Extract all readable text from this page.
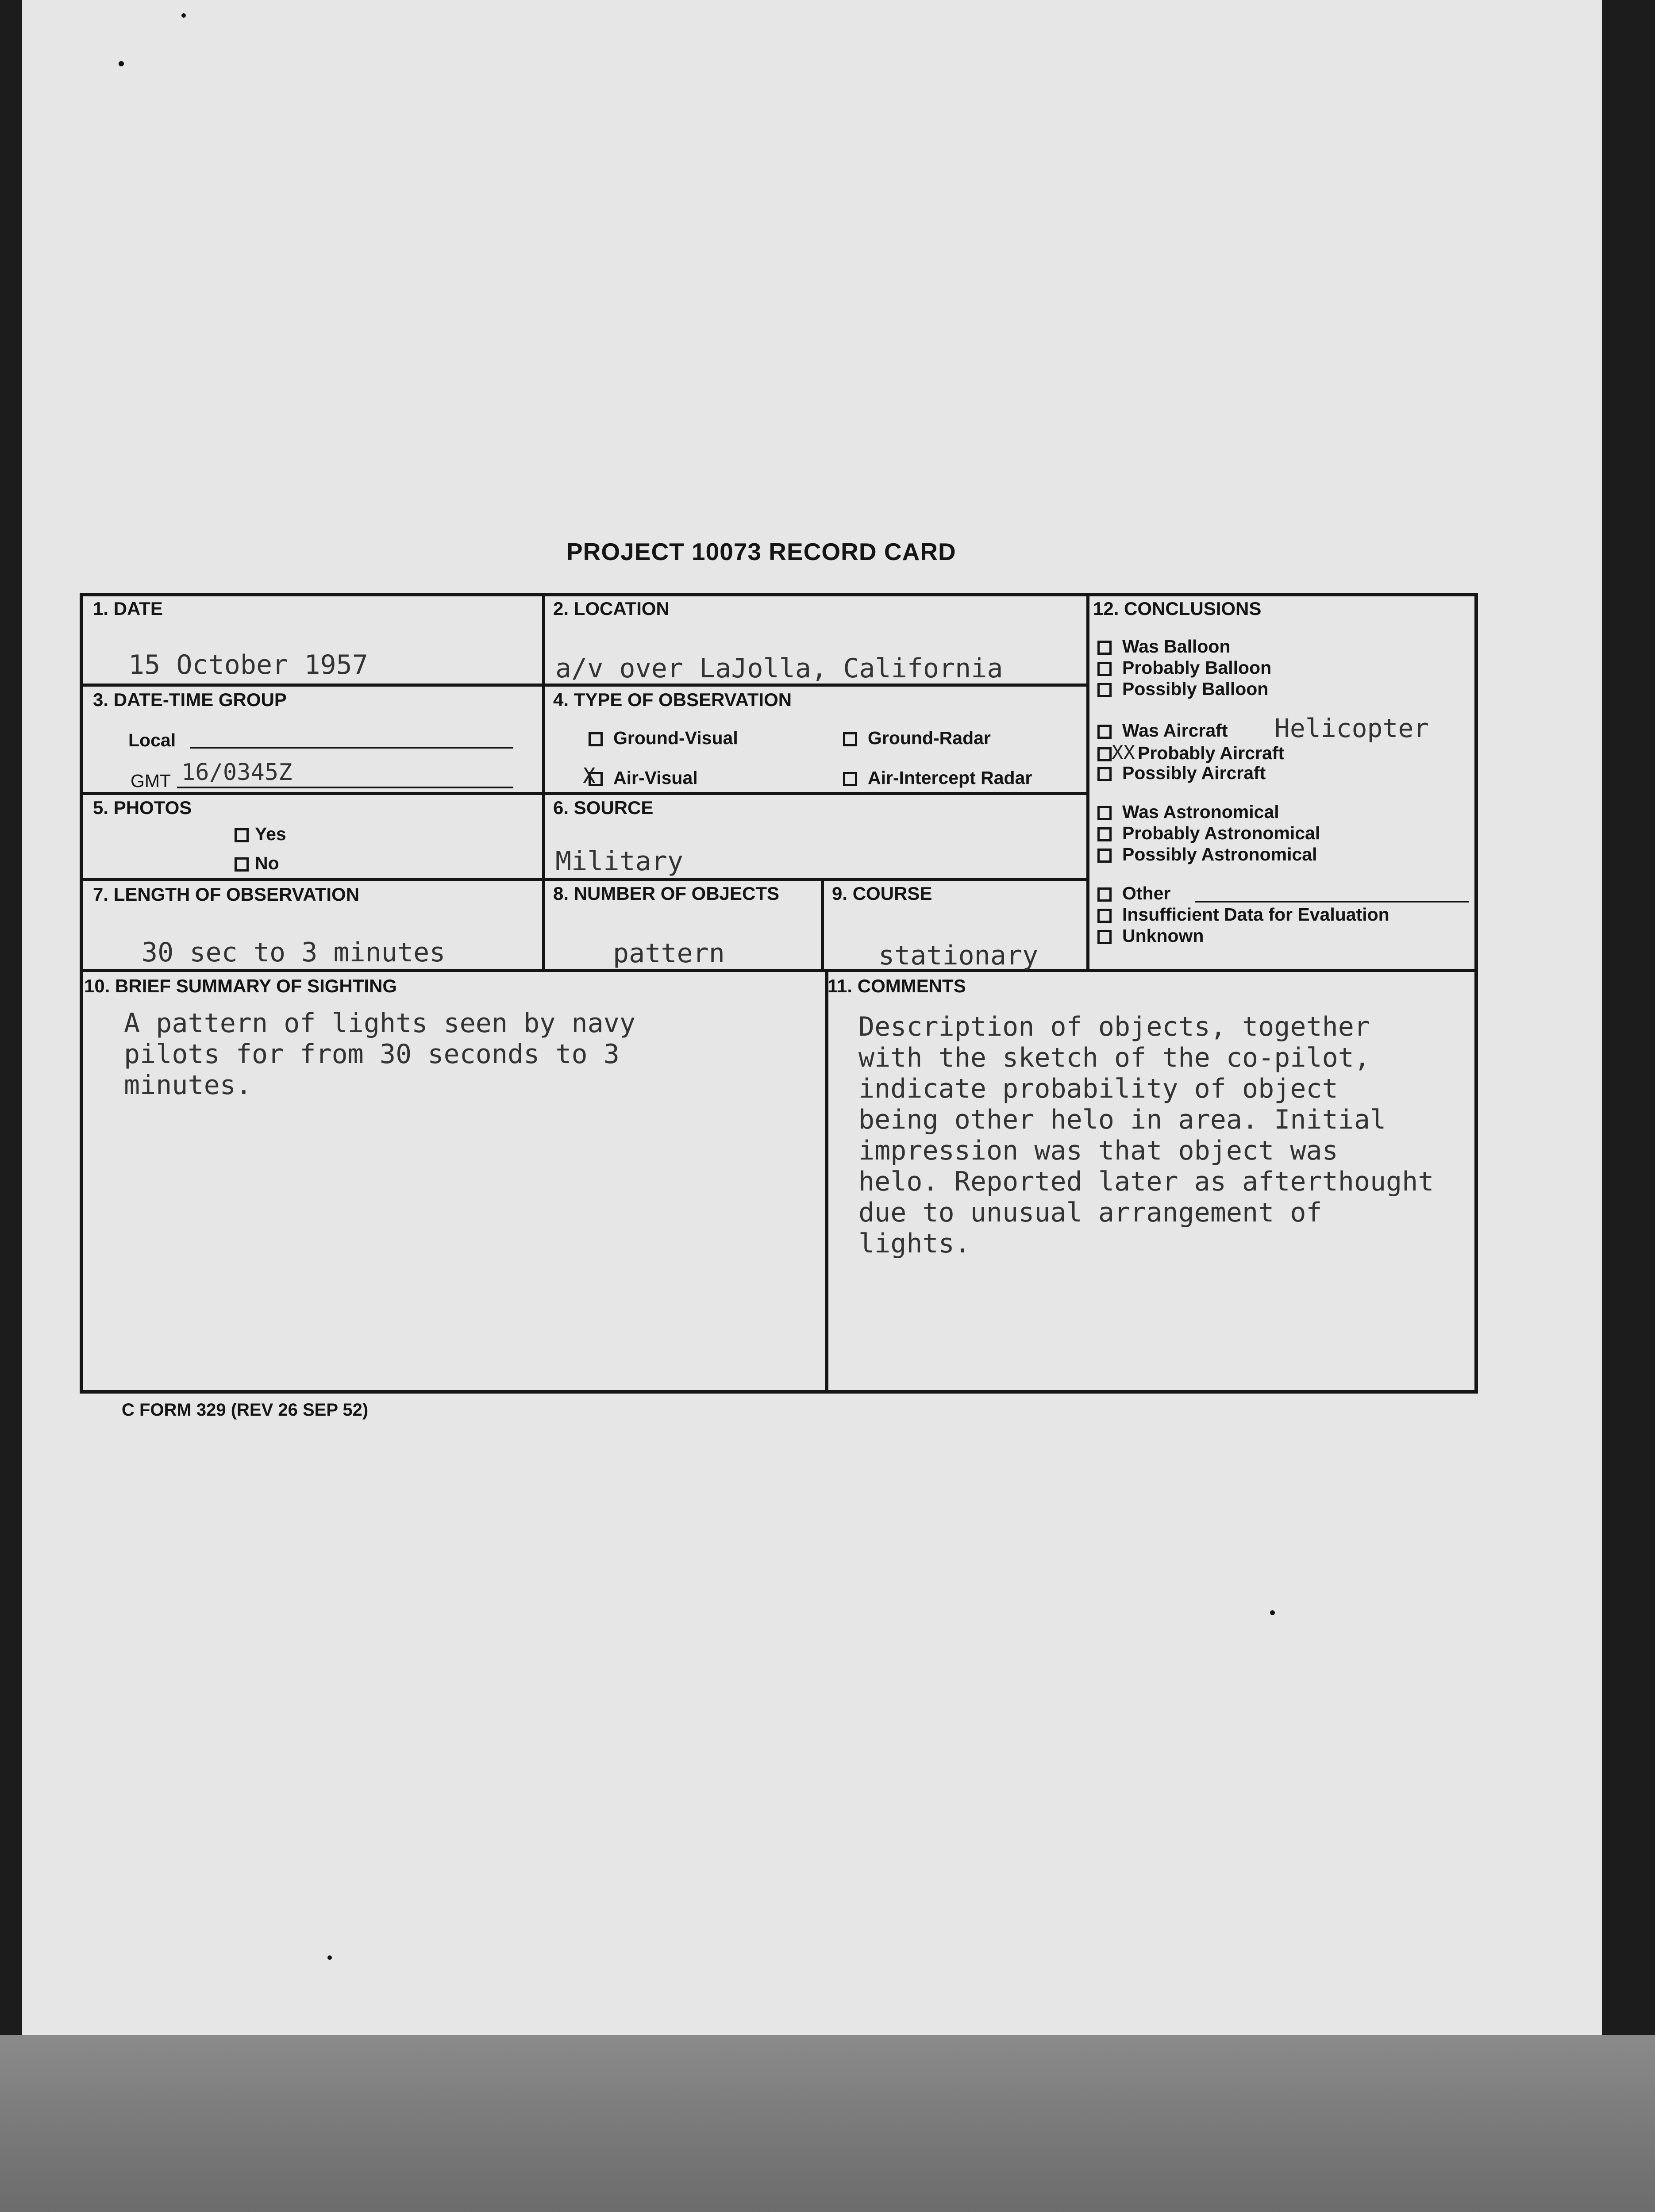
PROJECT 10073 RECORD CARD
1. DATE
15 October 1957
2. LOCATION
a/v over LaJolla, California
3. DATE-TIME GROUP
Local
GMT 16/0345Z
4. TYPE OF OBSERVATION
Ground-Visual	Ground-Radar
X Air-Visual	Air-Intercept Radar
5. PHOTOS
Yes
No
6. SOURCE
Military
7. LENGTH OF OBSERVATION
30 sec to 3 minutes
8. NUMBER OF OBJECTS
pattern
9. COURSE
stationary
10. BRIEF SUMMARY OF SIGHTING
A pattern of lights seen by navy
pilots for from 30 seconds to 3
minutes.
11. COMMENTS
Description of objects, together
with the sketch of the co-pilot,
indicate probability of object
being other helo in area. Initial
impression was that object was
helo. Reported later as afterthought
due to unusual arrangement of
lights.
12. CONCLUSIONS
Was Balloon
Probably Balloon
Possibly Balloon
Was Aircraft Helicopter
XX Probably Aircraft
Possibly Aircraft
Was Astronomical
Probably Astronomical
Possibly Astronomical
Other
Insufficient Data for Evaluation
Unknown
C FORM 329 (REV 26 SEP 52)
